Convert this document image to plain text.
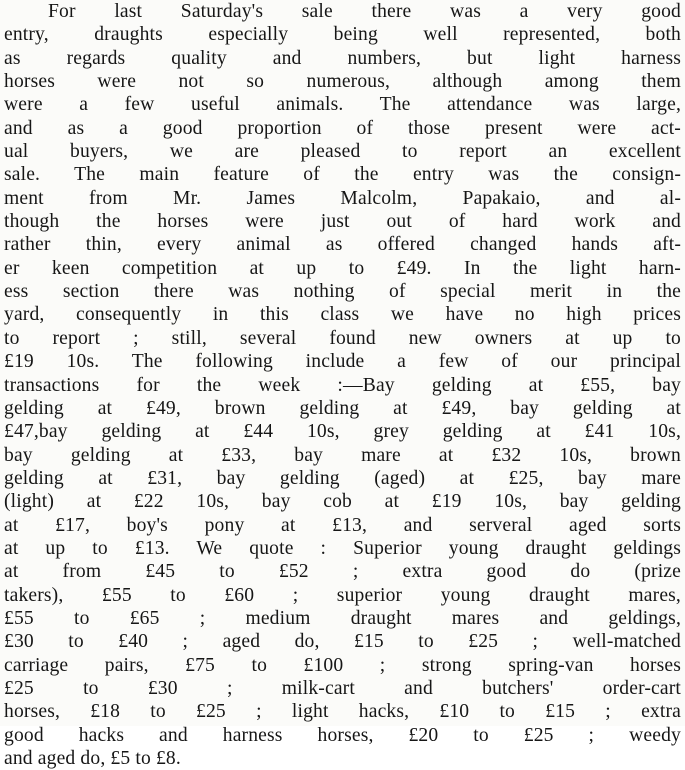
For last Saturday's sale there was a very good
entry, draughts especially being well represented, both
as regards quality and numbers, but light harness
horses were not so numerous, although among them
were a few useful animals. The attendance was large,
and as a good proportion of those present were act-
ual buyers, we are pleased to report an excellent
sale. The main feature of the entry was the consign-
ment from Mr. James Malcolm, Papakaio, and al-
though the horses were just out of hard work and
rather thin, every animal as offered changed hands aft-
er keen competition at up to £49. In the light harn-
ess section there was nothing of special merit in the
yard, consequently in this class we have no high prices
to report ; still, several found new owners at up to
£19 10s. The following include a few of our principal
transactions for the week :—Bay gelding at £55, bay
gelding at £49, brown gelding at £49, bay gelding at
£47,bay gelding at £44 10s, grey gelding at £41 10s,
bay gelding at £33, bay mare at £32 10s, brown
gelding at £31, bay gelding (aged) at £25, bay mare
(light) at £22 10s, bay cob at £19 10s, bay gelding
at £17, boy's pony at £13, and serveral aged sorts
at up to £13. We quote : Superior young draught geldings
at from £45 to £52 ; extra good do (prize
takers), £55 to £60 ; superior young draught mares,
£55 to £65 ; medium draught mares and geldings,
£30 to £40 ; aged do, £15 to £25 ; well-matched
carriage pairs, £75 to £100 ; strong spring-van horses
£25 to £30 ; milk-cart and butchers' order-cart
horses, £18 to £25 ; light hacks, £10 to £15 ; extra
good hacks and harness horses, £20 to £25 ; weedy
and aged do, £5 to £8.
